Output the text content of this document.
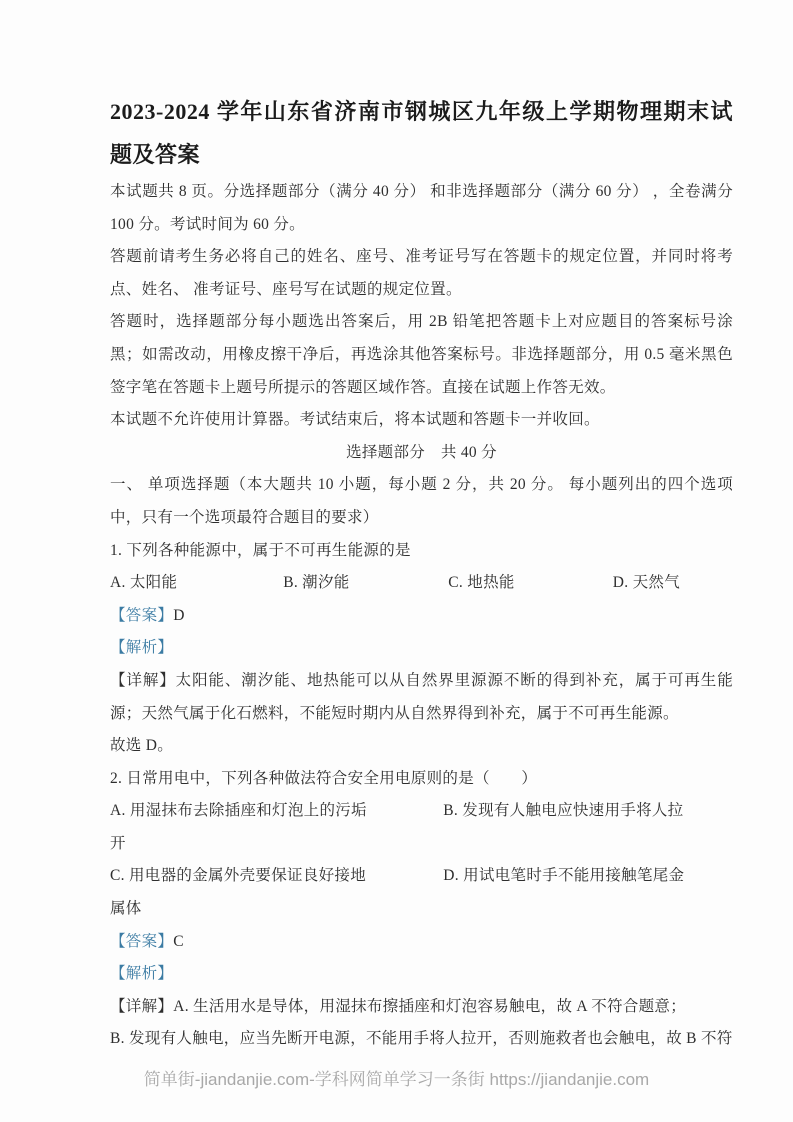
2023-2024 学年山东省济南市钢城区九年级上学期物理期末试题及答案

本试题共 8 页。分选择题部分（满分 40 分） 和非选择题部分（满分 60 分） ，全卷满分 100 分。考试时间为 60 分。

答题前请考生务必将自己的姓名、座号、准考证号写在答题卡的规定位置，并同时将考点、姓名、 准考证号、座号写在试题的规定位置。

答题时，选择题部分每小题选出答案后，用 2B 铅笔把答题卡上对应题目的答案标号涂黑；如需改动，用橡皮擦干净后，再选涂其他答案标号。非选择题部分，用 0.5 毫米黑色签字笔在答题卡上题号所提示的答题区域作答。直接在试题上作答无效。

本试题不允许使用计算器。考试结束后，将本试题和答题卡一并收回。

选择题部分　共 40 分

一、 单项选择题（本大题共 10 小题，每小题 2 分，共 20 分。 每小题列出的四个选项中，只有一个选项最符合题目的要求）

1. 下列各种能源中，属于不可再生能源的是

A. 太阳能	B. 潮汐能	C. 地热能	D. 天然气

【答案】D

【解析】

【详解】太阳能、潮汐能、地热能可以从自然界里源源不断的得到补充，属于可再生能源；天然气属于化石燃料，不能短时期内从自然界得到补充，属于不可再生能源。

故选 D。

2. 日常用电中，下列各种做法符合安全用电原则的是（　　）

A. 用湿抹布去除插座和灯泡上的污垢	B. 发现有人触电应快速用手将人拉

开

C. 用电器的金属外壳要保证良好接地	D. 用试电笔时手不能用接触笔尾金

属体

【答案】C

【解析】

【详解】A. 生活用水是导体，用湿抹布擦插座和灯泡容易触电，故 A 不符合题意；

B. 发现有人触电，应当先断开电源，不能用手将人拉开，否则施救者也会触电，故 B 不符

简单街-jiandanjie.com-学科网简单学习一条街 https://jiandanjie.com
